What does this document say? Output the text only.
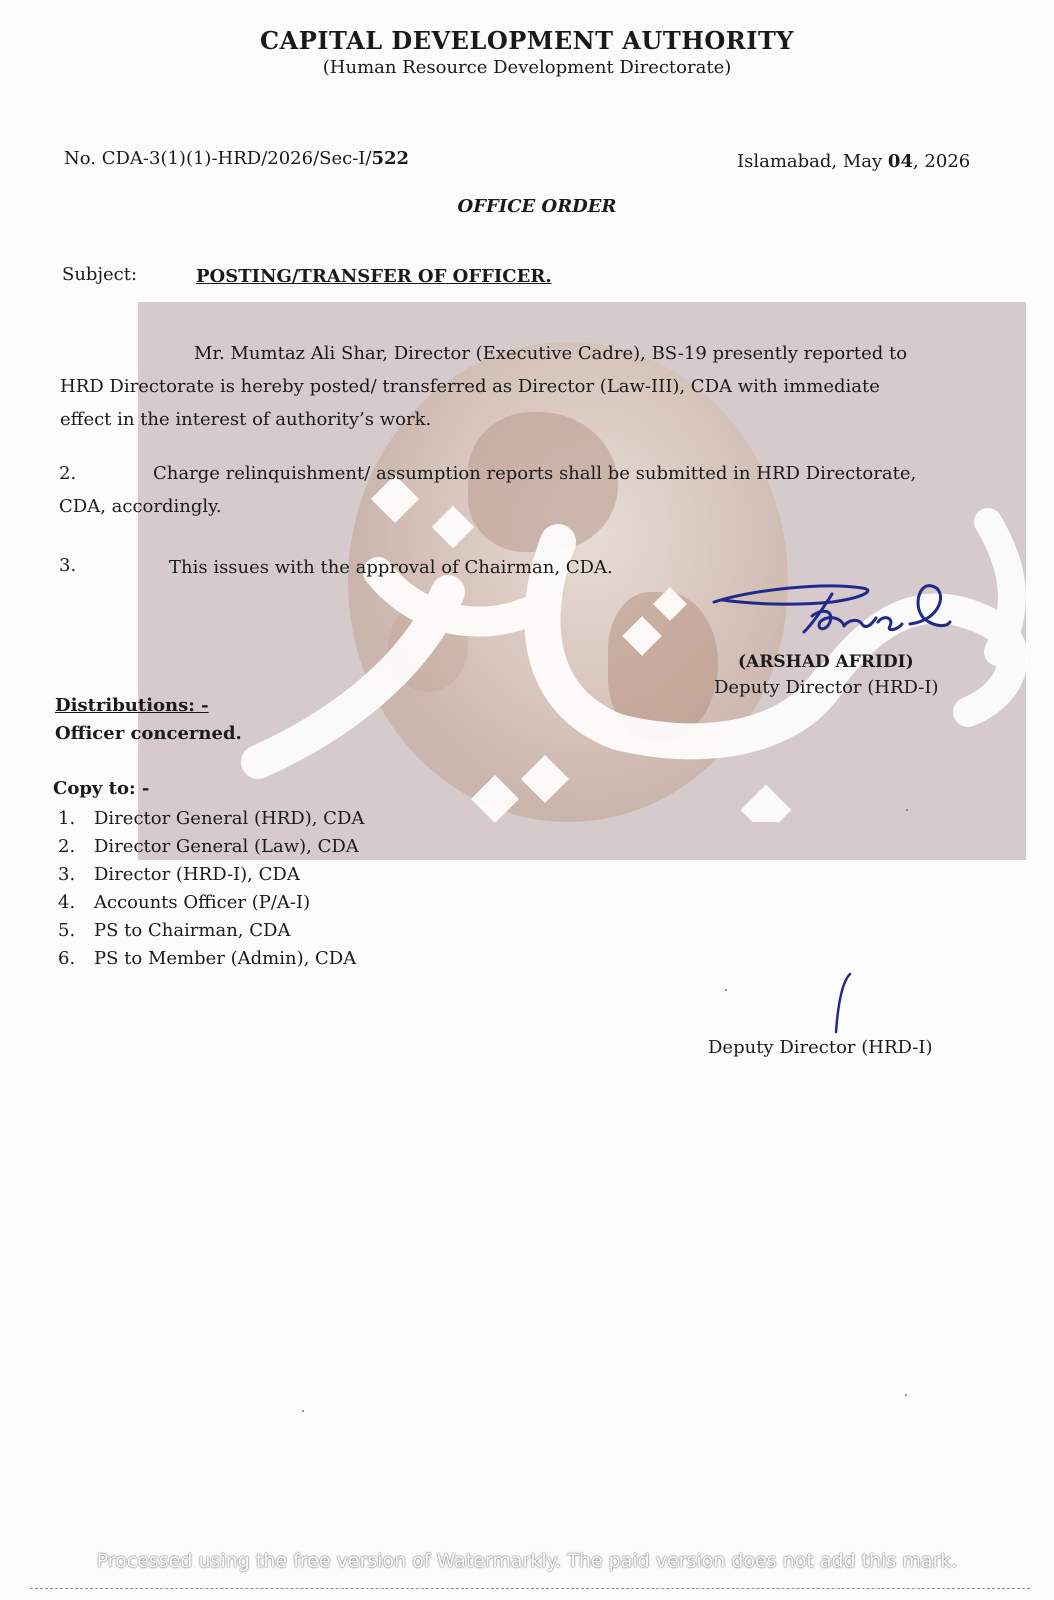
CAPITAL DEVELOPMENT AUTHORITY
(Human Resource Development Directorate)
No. CDA-3(1)(1)-HRD/2026/Sec-I/522	Islamabad, May 04, 2026
OFFICE ORDER
Subject:	POSTING/TRANSFER OF OFFICER.
Mr. Mumtaz Ali Shar, Director (Executive Cadre), BS-19 presently reported to
HRD Directorate is hereby posted/ transferred as Director (Law-III), CDA with immediate
effect in the interest of authority’s work.
2.	Charge relinquishment/ assumption reports shall be submitted in HRD Directorate,
CDA, accordingly.
3.	This issues with the approval of Chairman, CDA.
(ARSHAD AFRIDI)
Deputy Director (HRD-I)
Distributions: -
Officer concerned.
Copy to: -
1. Director General (HRD), CDA
2. Director General (Law), CDA
3. Director (HRD-I), CDA
4. Accounts Officer (P/A-I)
5. PS to Chairman, CDA
6. PS to Member (Admin), CDA
Deputy Director (HRD-I)
Processed using the free version of Watermarkly. The paid version does not add this mark.
